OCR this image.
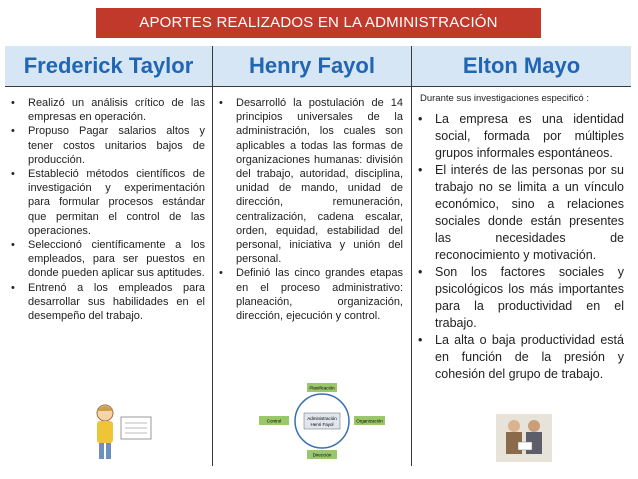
APORTES REALIZADOS EN LA ADMINISTRACIÓN
Frederick Taylor
• Realizó un análisis crítico de las empresas en operación.
• Propuso Pagar salarios altos y tener costos unitarios bajos de producción.
• Estableció métodos científicos de investigación y experimentación para formular procesos estándar que permitan el control de las operaciones.
• Seleccionó científicamente a los empleados, para ser puestos en donde pueden aplicar sus aptitudes.
• Entrenó a los empleados para desarrollar sus habilidades en el desempeño del trabajo.
Henry Fayol
• Desarrolló la postulación de 14 principios universales de la administración, los cuales son aplicables a todas las formas de organizaciones humanas: división del trabajo, autoridad, disciplina, unidad de mando, unidad de dirección, remuneración, centralización, cadena escalar, orden, equidad, estabilidad del personal, iniciativa y unión del personal.
• Definió las cinco grandes etapas en el proceso administrativo: planeación, organización, dirección, ejecución y control.
Administración
Henri Fayol
Planificación
Control	Organización
Dirección
Elton Mayo
Durante sus investigaciones especificó :
• La empresa es una identidad social, formada por múltiples grupos informales espontáneos.
• El interés de las personas por su trabajo no se limita a un vínculo económico, sino a relaciones sociales donde están presentes las necesidades de reconocimiento y motivación.
• Son los factores sociales y psicológicos los más importantes para la productividad en el trabajo.
• La alta o baja productividad está en función de la presión y cohesión del grupo de trabajo.
